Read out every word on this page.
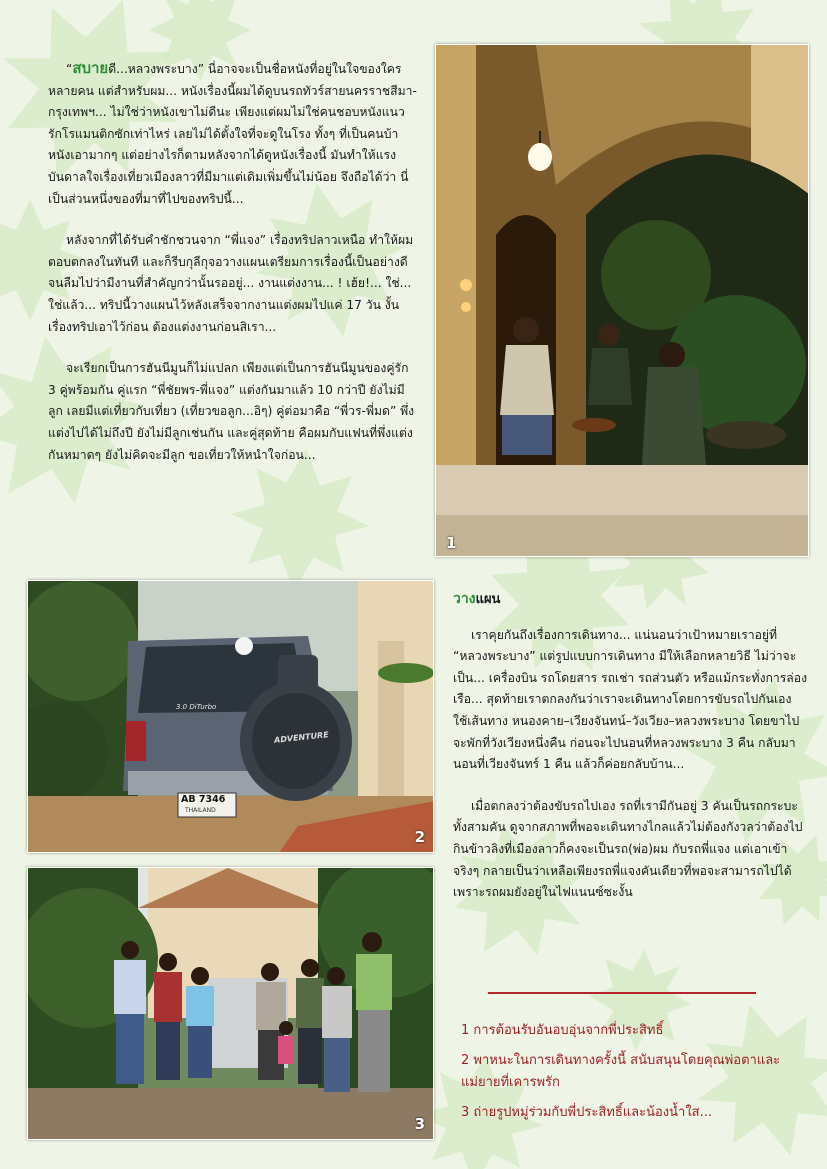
“สบายดี...หลวงพระบาง” นี่อาจจะเป็นชื่อหนังที่อยู่ในใจของใครหลายคน แต่สำหรับผม... หนังเรื่องนี้ผมได้ดูบนรถทัวร์สายนครราชสีมา-กรุงเทพฯ... ไม่ใช่ว่าหนังเขาไม่ดีนะ เพียงแต่ผมไม่ใช่คนชอบหนังแนวรักโรแมนติกซักเท่าไหร่ เลยไม่ได้ตั้งใจที่จะดูในโรง ทั้งๆ ที่เป็นคนบ้าหนังเอามากๆ แต่อย่างไรก็ตามหลังจากได้ดูหนังเรื่องนี้ มันทำให้แรงบันดาลใจเรื่องเที่ยวเมืองลาวที่มีมาแต่เดิมเพิ่มขึ้นไม่น้อย จึงถือได้ว่า นี่เป็นส่วนหนึ่งของที่มาที่ไปของทริปนี้...

หลังจากที่ได้รับคำชักชวนจาก “พี่แจง” เรื่องทริปลาวเหนือ ทำให้ผมตอบตกลงในทันที และก็รีบกุลีกุจอวางแผนเตรียมการเรื่องนี้เป็นอย่างดี จนลืมไปว่ามีงานที่สำคัญกว่านั้นรออยู่... งานแต่งงาน... ! เฮ้ย!... ใช่... ใช่แล้ว... ทริปนี้วางแผนไว้หลังเสร็จจากงานแต่งผมไปแค่ 17 วัน งั้นเรื่องทริปเอาไว้ก่อน ต้องแต่งงานก่อนสิเรา...

จะเรียกเป็นการฮันนีมูนก็ไม่แปลก เพียงแต่เป็นการฮันนีมูนของคู่รัก 3 คู่พร้อมกัน คู่แรก “พี่ชัยพร-พี่แจง” แต่งกันมาแล้ว 10 กว่าปี ยังไม่มีลูก เลยมีแต่เที่ยวกับเที่ยว (เที่ยวขอลูก...อิๆ) คู่ต่อมาคือ “พี่วร-พี่มด” พึ่งแต่งไปได้ไม่ถึงปี ยังไม่มีลูกเช่นกัน และคู่สุดท้าย คือผมกับแฟนที่พึ่งแต่งกันหมาดๆ ยังไม่คิดจะมีลูก ขอเที่ยวให้หนำใจก่อน...

1
3.0 DiTurbo
ADVENTURE
AB 7346
THAILAND
2
3

วางแผน

เราคุยกันถึงเรื่องการเดินทาง... แน่นอนว่าเป้าหมายเราอยู่ที่ “หลวงพระบาง” แต่รูปแบบการเดินทาง มีให้เลือกหลายวิธี ไม่ว่าจะเป็น... เครื่องบิน รถโดยสาร รถเช่า รถส่วนตัว หรือแม้กระทั่งการล่องเรือ... สุดท้ายเราตกลงกันว่าเราจะเดินทางโดยการขับรถไปกันเอง ใช้เส้นทาง หนองคาย–เวียงจันทน์–วังเวียง–หลวงพระบาง โดยขาไปจะพักที่วังเวียงหนึ่งคืน ก่อนจะไปนอนที่หลวงพระบาง 3 คืน กลับมานอนที่เวียงจันทร์ 1 คืน แล้วก็ค่อยกลับบ้าน...

เมื่อตกลงว่าต้องขับรถไปเอง รถที่เรามีกันอยู่ 3 คันเป็นรถกระบะทั้งสามคัน ดูจากสภาพที่พอจะเดินทางไกลแล้วไม่ต้องกังวลว่าต้องไปกินข้าวลิงที่เมืองลาวก็คงจะเป็นรถ(พ่อ)ผม กับรถพี่แจง แต่เอาเข้าจริงๆ กลายเป็นว่าเหลือเพียงรถพี่แจงคันเดียวที่พอจะสามารถไปได้ เพราะรถผมยังอยู่ในไฟแนนซ์ซะงั้น

1 การต้อนรับอันอบอุ่นจากพี่ประสิทธิ์

2 พาหนะในการเดินทางครั้งนี้ สนับสนุนโดยคุณพ่อตาและแม่ยายที่เคารพรัก

3 ถ่ายรูปหมู่ร่วมกับพี่ประสิทธิ์และน้องน้ำใส...
